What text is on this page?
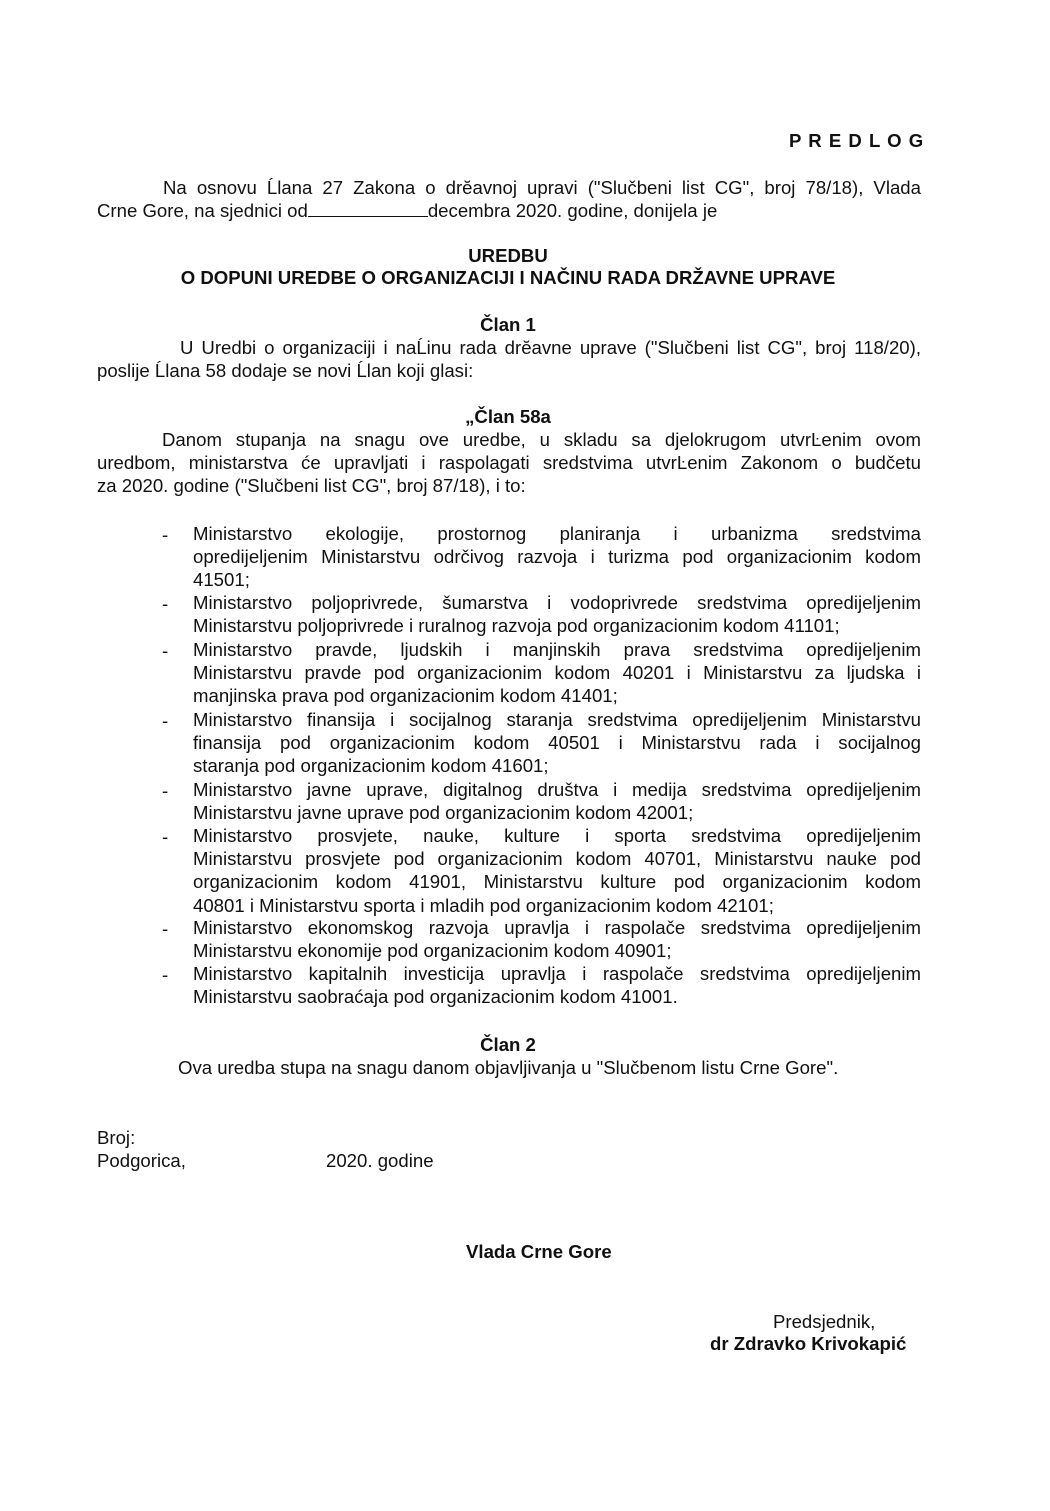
P R E D L O G
Na osnovu Ĺlana 27 Zakona o drĕavnoj upravi ("Slučbeni list CG", broj 78/18), Vlada
Crne Gore, na sjednici od	decembra 2020. godine, donijela je
UREDBU
O DOPUNI UREDBE O ORGANIZACIJI I NAČINU RADA DRŽAVNE UPRAVE
Član 1
U Uredbi o organizaciji i naĹinu rada drĕavne uprave ("Slučbeni list CG", broj 118/20),
poslije Ĺlana 58 dodaje se novi Ĺlan koji glasi:
„Član 58a
Danom stupanja na snagu ove uredbe, u skladu sa djelokrugom utvrĿenim ovom
uredbom, ministarstva ćе upravljati i raspolagati sredstvima utvrĿenim Zakonom o budčetu
za 2020. godine ("Slučbeni list CG", broj 87/18), i to:
- Ministarstvo ekologije, prostornog planiranja i urbanizma sredstvima
opredijeljenim Ministarstvu odrčivog razvoja i turizma pod organizacionim kodom
41501;
- Ministarstvo poljoprivrede, šumarstva i vodoprivrede sredstvima opredijeljenim
Ministarstvu poljoprivrede i ruralnog razvoja pod organizacionim kodom 41101;
- Ministarstvo pravde, ljudskih i manjinskih prava sredstvima opredijeljenim
Ministarstvu pravde pod organizacionim kodom 40201 i Ministarstvu za ljudska i
manjinska prava pod organizacionim kodom 41401;
- Ministarstvo finansija i socijalnog staranja sredstvima opredijeljenim Ministarstvu
finansija pod organizacionim kodom 40501 i Ministarstvu rada i socijalnog
staranja pod organizacionim kodom 41601;
- Ministarstvo javne uprave, digitalnog društva i medija sredstvima opredijeljenim
Ministarstvu javne uprave pod organizacionim kodom 42001;
- Ministarstvo prosvjete, nauke, kulture i sporta sredstvima opredijeljenim
Ministarstvu prosvjete pod organizacionim kodom 40701, Ministarstvu nauke pod
organizacionim kodom 41901, Ministarstvu kulture pod organizacionim kodom
40801 i Ministarstvu sporta i mladih pod organizacionim kodom 42101;
- Ministarstvo ekonomskog razvoja upravlja i raspolače sredstvima opredijeljenim
Ministarstvu ekonomije pod organizacionim kodom 40901;
- Ministarstvo kapitalnih investicija upravlja i raspolače sredstvima opredijeljenim
Ministarstvu saobraćaja pod organizacionim kodom 41001.
Član 2
Ova uredba stupa na snagu danom objavljivanja u "Slučbenom listu Crne Gore".
Broj:
Podgorica,	2020. godine
Vlada Crne Gore
Predsjednik,
dr Zdravko Krivokapić
